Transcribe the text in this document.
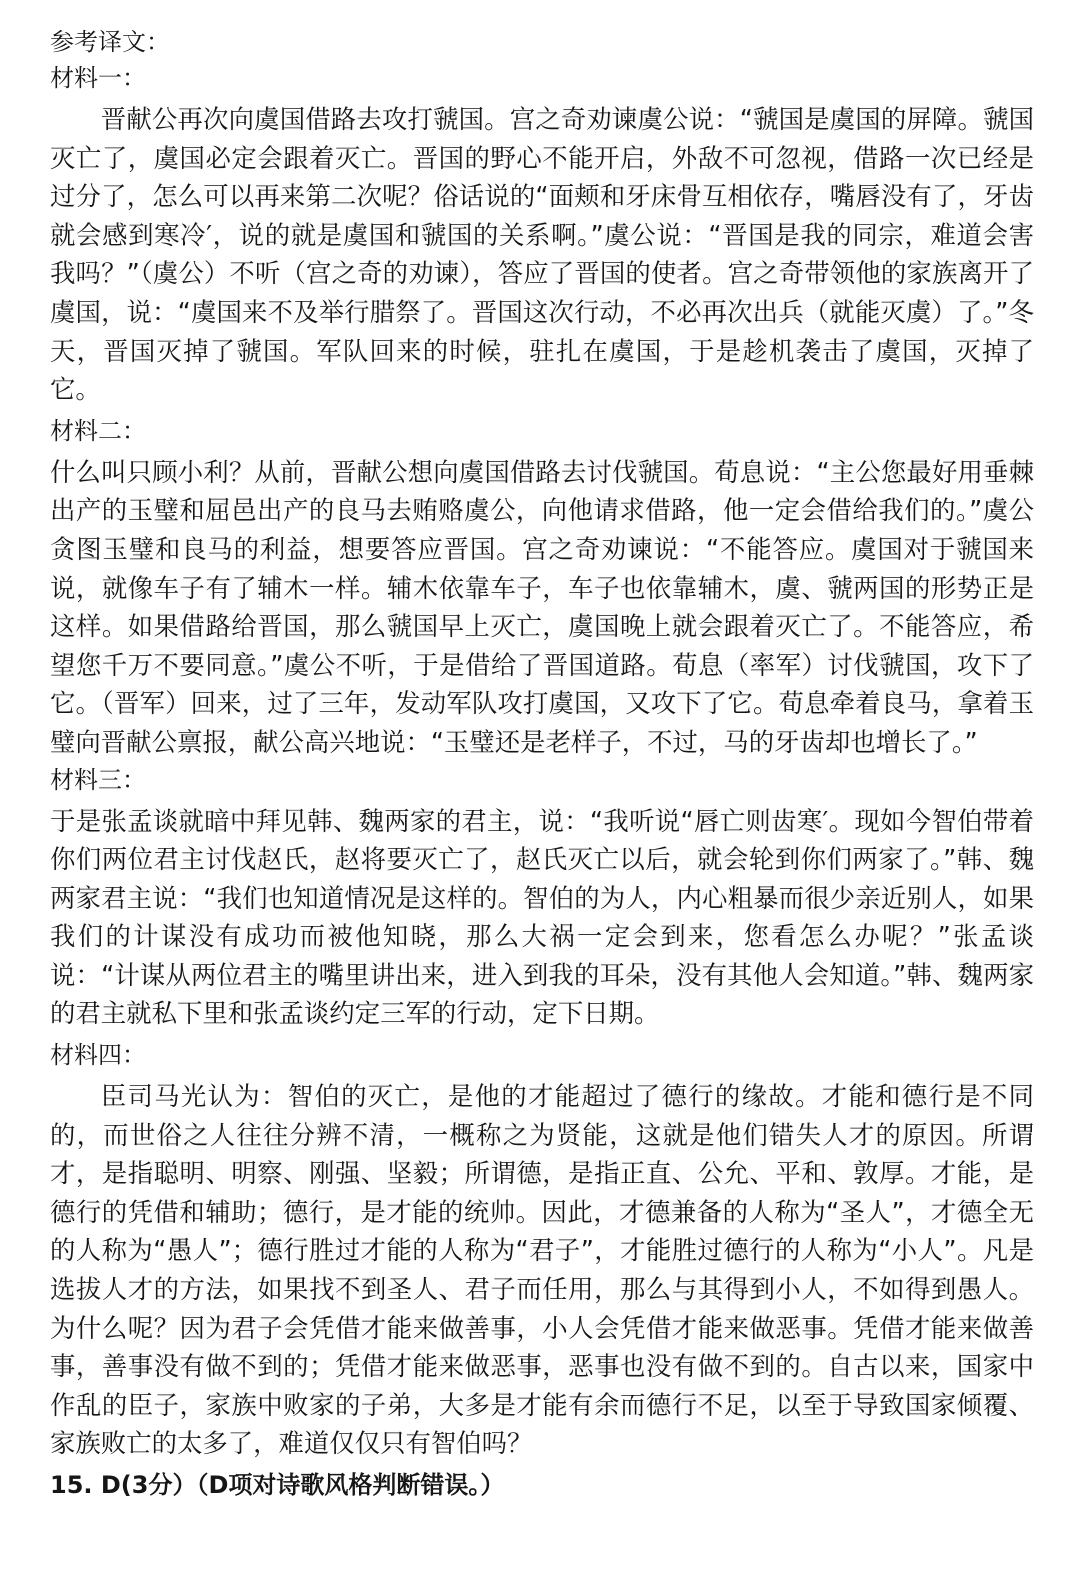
参考译文：
材料一：

晋献公再次向虞国借路去攻打虢国。宫之奇劝谏虞公说：“虢国是虞国的屏障。虢国灭亡了，虞国必定会跟着灭亡。晋国的野心不能开启，外敌不可忽视，借路一次已经是过分了，怎么可以再来第二次呢？俗话说的“面颊和牙床骨互相依存，嘴唇没有了，牙齿就会感到寒冷′，说的就是虞国和虢国的关系啊。”虞公说：“晋国是我的同宗，难道会害我吗？”（虞公）不听（宫之奇的劝谏），答应了晋国的使者。宫之奇带领他的家族离开了虞国，说：“虞国来不及举行腊祭了。晋国这次行动，不必再次出兵（就能灭虞）了。”冬天，晋国灭掉了虢国。军队回来的时候，驻扎在虞国，于是趁机袭击了虞国，灭掉了它。

材料二：

什么叫只顾小利？从前，晋献公想向虞国借路去讨伐虢国。荀息说：“主公您最好用垂棘出产的玉璧和屈邑出产的良马去贿赂虞公，向他请求借路，他一定会借给我们的。”虞公贪图玉璧和良马的利益，想要答应晋国。宫之奇劝谏说：“不能答应。虞国对于虢国来说，就像车子有了辅木一样。辅木依靠车子，车子也依靠辅木，虞、虢两国的形势正是这样。如果借路给晋国，那么虢国早上灭亡，虞国晚上就会跟着灭亡了。不能答应，希望您千万不要同意。”虞公不听，于是借给了晋国道路。荀息（率军）讨伐虢国，攻下了它。（晋军）回来，过了三年，发动军队攻打虞国，又攻下了它。荀息牵着良马，拿着玉璧向晋献公禀报，献公高兴地说：“玉璧还是老样子，不过，马的牙齿却也增长了。”

材料三：

于是张孟谈就暗中拜见韩、魏两家的君主，说：“我听说“唇亡则齿寒′。现如今智伯带着你们两位君主讨伐赵氏，赵将要灭亡了，赵氏灭亡以后，就会轮到你们两家了。”韩、魏两家君主说：“我们也知道情况是这样的。智伯的为人，内心粗暴而很少亲近别人，如果我们的计谋没有成功而被他知晓，那么大祸一定会到来，您看怎么办呢？”张孟谈说：“计谋从两位君主的嘴里讲出来，进入到我的耳朵，没有其他人会知道。”韩、魏两家的君主就私下里和张孟谈约定三军的行动，定下日期。

材料四：

臣司马光认为：智伯的灭亡，是他的才能超过了德行的缘故。才能和德行是不同的，而世俗之人往往分辨不清，一概称之为贤能，这就是他们错失人才的原因。所谓才，是指聪明、明察、刚强、坚毅；所谓德，是指正直、公允、平和、敦厚。才能，是德行的凭借和辅助；德行，是才能的统帅。因此，才德兼备的人称为“圣人”，才德全无的人称为“愚人”；德行胜过才能的人称为“君子”，才能胜过德行的人称为“小人”。凡是选拔人才的方法，如果找不到圣人、君子而任用，那么与其得到小人，不如得到愚人。为什么呢？因为君子会凭借才能来做善事，小人会凭借才能来做恶事。凭借才能来做善事，善事没有做不到的；凭借才能来做恶事，恶事也没有做不到的。自古以来，国家中作乱的臣子，家族中败家的子弟，大多是才能有余而德行不足，以至于导致国家倾覆、家族败亡的太多了，难道仅仅只有智伯吗？

15. D(3分）（D项对诗歌风格判断错误。）
